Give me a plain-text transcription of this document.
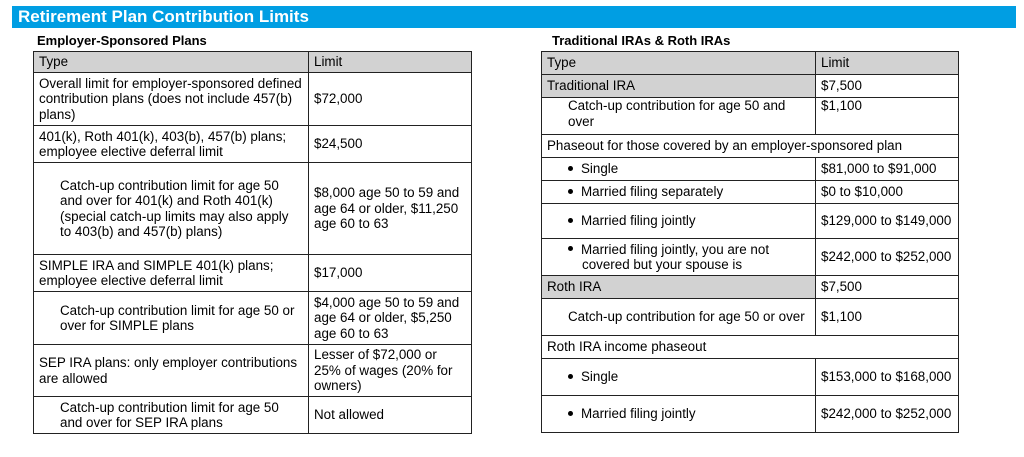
Retirement Plan Contribution Limits
Employer-Sponsored Plans
Type	Limit
Overall limit for employer-sponsored defined contribution plans (does not include 457(b) plans)	$72,000
401(k), Roth 401(k), 403(b), 457(b) plans; employee elective deferral limit	$24,500
Catch-up contribution limit for age 50 and over for 401(k) and Roth 401(k) (special catch-up limits may also apply to 403(b) and 457(b) plans)	$8,000 age 50 to 59 and age 64 or older, $11,250 age 60 to 63
SIMPLE IRA and SIMPLE 401(k) plans; employee elective deferral limit	$17,000
Catch-up contribution limit for age 50 or over for SIMPLE plans	$4,000 age 50 to 59 and age 64 or older, $5,250 age 60 to 63
SEP IRA plans: only employer contributions are allowed	Lesser of $72,000 or 25% of wages (20% for owners)
Catch-up contribution limit for age 50 and over for SEP IRA plans	Not allowed
Traditional IRAs & Roth IRAs
Type	Limit
Traditional IRA	$7,500
Catch-up contribution for age 50 and over	$1,100
Phaseout for those covered by an employer-sponsored plan	
Single	$81,000 to $91,000
Married filing separately	$0 to $10,000
Married filing jointly	$129,000 to $149,000
Married filing jointly, you are not covered but your spouse is	$242,000 to $252,000
Roth IRA	$7,500
Catch-up contribution for age 50 or over	$1,100
Roth IRA income phaseout	
Single	$153,000 to $168,000
Married filing jointly	$242,000 to $252,000
